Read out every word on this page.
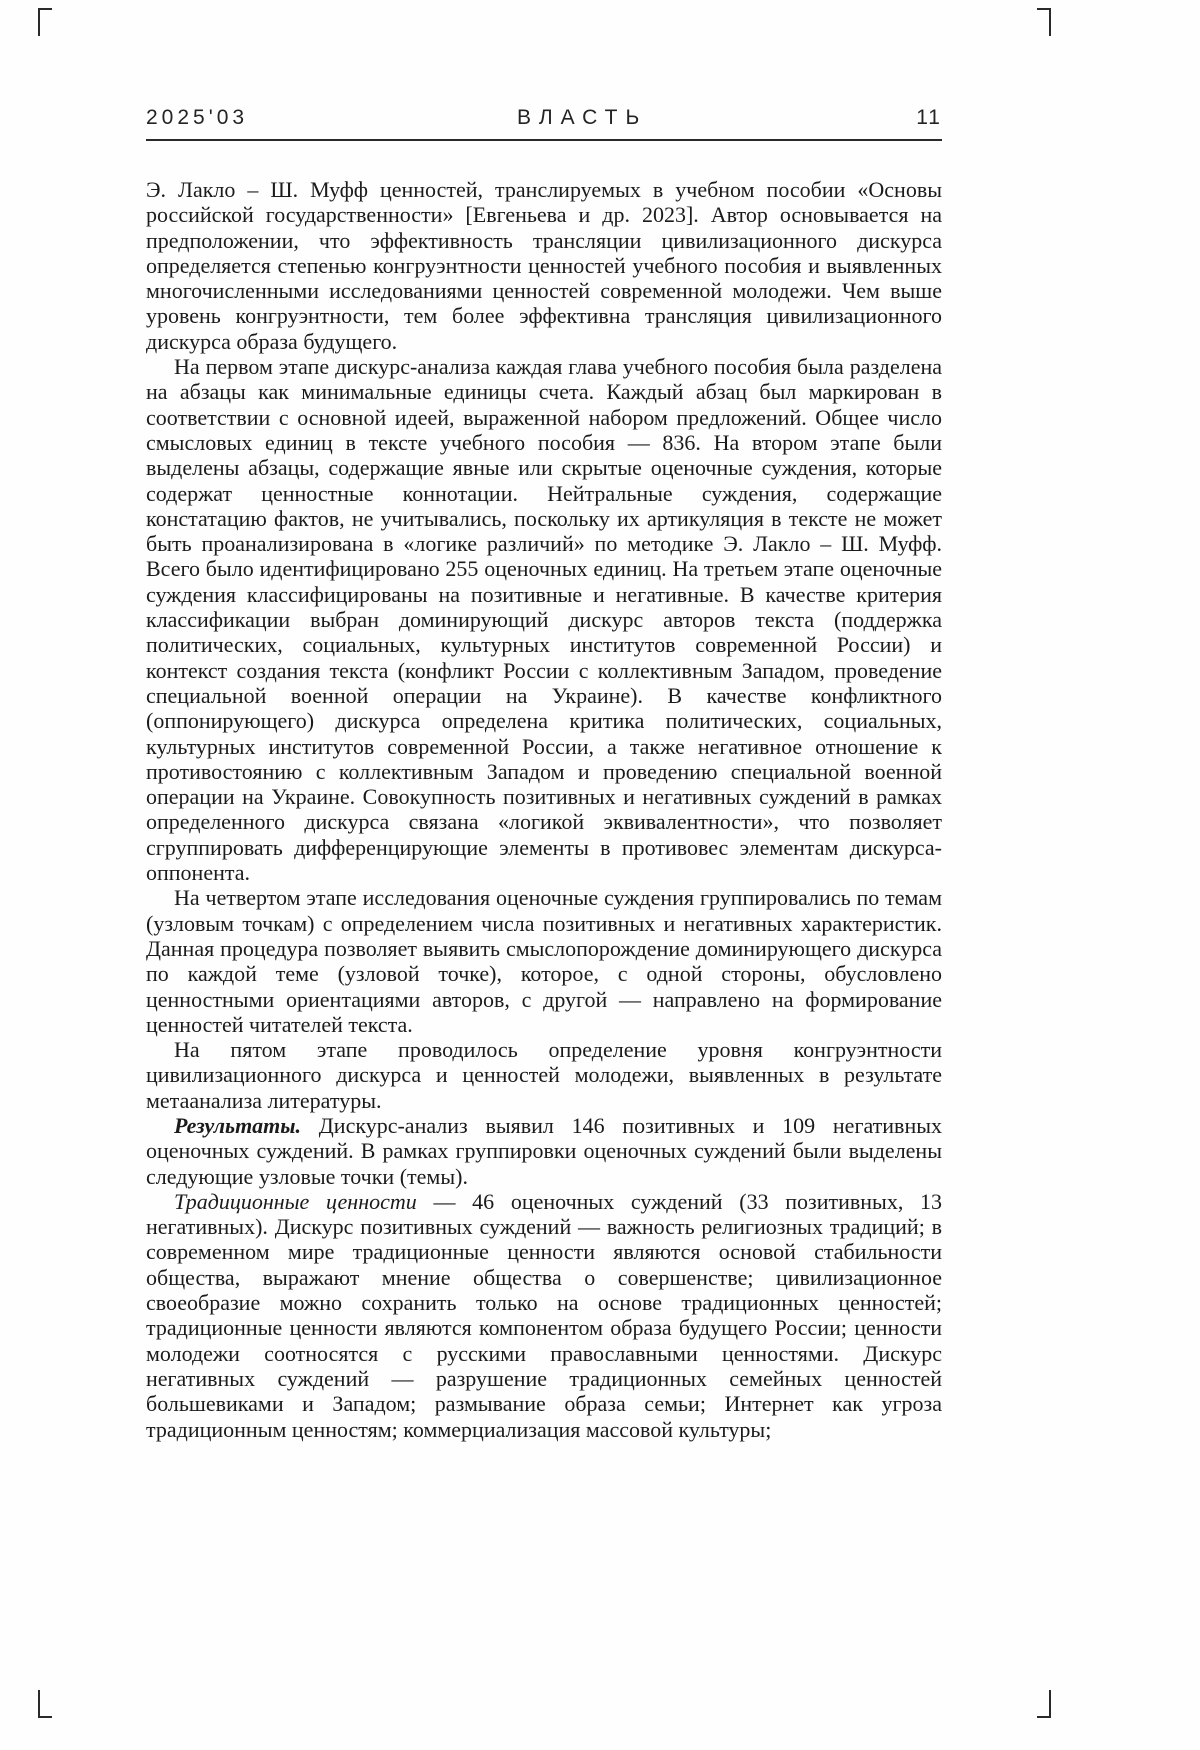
2025'03	ВЛАСТЬ	11

Э. Лакло – Ш. Муфф ценностей, транслируемых в учебном пособии «Основы российской государственности» [Евгеньева и др. 2023]. Автор основывается на предположении, что эффективность трансляции цивилизационного дискурса определяется степенью конгруэнтности ценностей учебного пособия и выявленных многочисленными исследованиями ценностей современной молодежи. Чем выше уровень конгруэнтности, тем более эффективна трансляция цивилизационного дискурса образа будущего.

На первом этапе дискурс-анализа каждая глава учебного пособия была разделена на абзацы как минимальные единицы счета. Каждый абзац был маркирован в соответствии с основной идеей, выраженной набором предложений. Общее число смысловых единиц в тексте учебного пособия — 836. На втором этапе были выделены абзацы, содержащие явные или скрытые оценочные суждения, которые содержат ценностные коннотации. Нейтральные суждения, содержащие констатацию фактов, не учитывались, поскольку их артикуляция в тексте не может быть проанализирована в «логике различий» по методике Э. Лакло – Ш. Муфф. Всего было идентифицировано 255 оценочных единиц. На третьем этапе оценочные суждения классифицированы на позитивные и негативные. В качестве критерия классификации выбран доминирующий дискурс авторов текста (поддержка политических, социальных, культурных институтов современной России) и контекст создания текста (конфликт России с коллективным Западом, проведение специальной военной операции на Украине). В качестве конфликтного (оппонирующего) дискурса определена критика политических, социальных, культурных институтов современной России, а также негативное отношение к противостоянию с коллективным Западом и проведению специальной военной операции на Украине. Совокупность позитивных и негативных суждений в рамках определенного дискурса связана «логикой эквивалентности», что позволяет сгруппировать дифференцирующие элементы в противовес элементам дискурса-оппонента.

На четвертом этапе исследования оценочные суждения группировались по темам (узловым точкам) с определением числа позитивных и негативных характеристик. Данная процедура позволяет выявить смыслопорождение доминирующего дискурса по каждой теме (узловой точке), которое, с одной стороны, обусловлено ценностными ориентациями авторов, с другой — направлено на формирование ценностей читателей текста.

На пятом этапе проводилось определение уровня конгруэнтности цивилизационного дискурса и ценностей молодежи, выявленных в результате метаанализа литературы.

Результаты. Дискурс-анализ выявил 146 позитивных и 109 негативных оценочных суждений. В рамках группировки оценочных суждений были выделены следующие узловые точки (темы).

Традиционные ценности — 46 оценочных суждений (33 позитивных, 13 негативных). Дискурс позитивных суждений — важность религиозных традиций; в современном мире традиционные ценности являются основой стабильности общества, выражают мнение общества о совершенстве; цивилизационное своеобразие можно сохранить только на основе традиционных ценностей; традиционные ценности являются компонентом образа будущего России; ценности молодежи соотносятся с русскими православными ценностями. Дискурс негативных суждений — разрушение традиционных семейных ценностей большевиками и Западом; размывание образа семьи; Интернет как угроза традиционным ценностям; коммерциализация массовой культуры;
